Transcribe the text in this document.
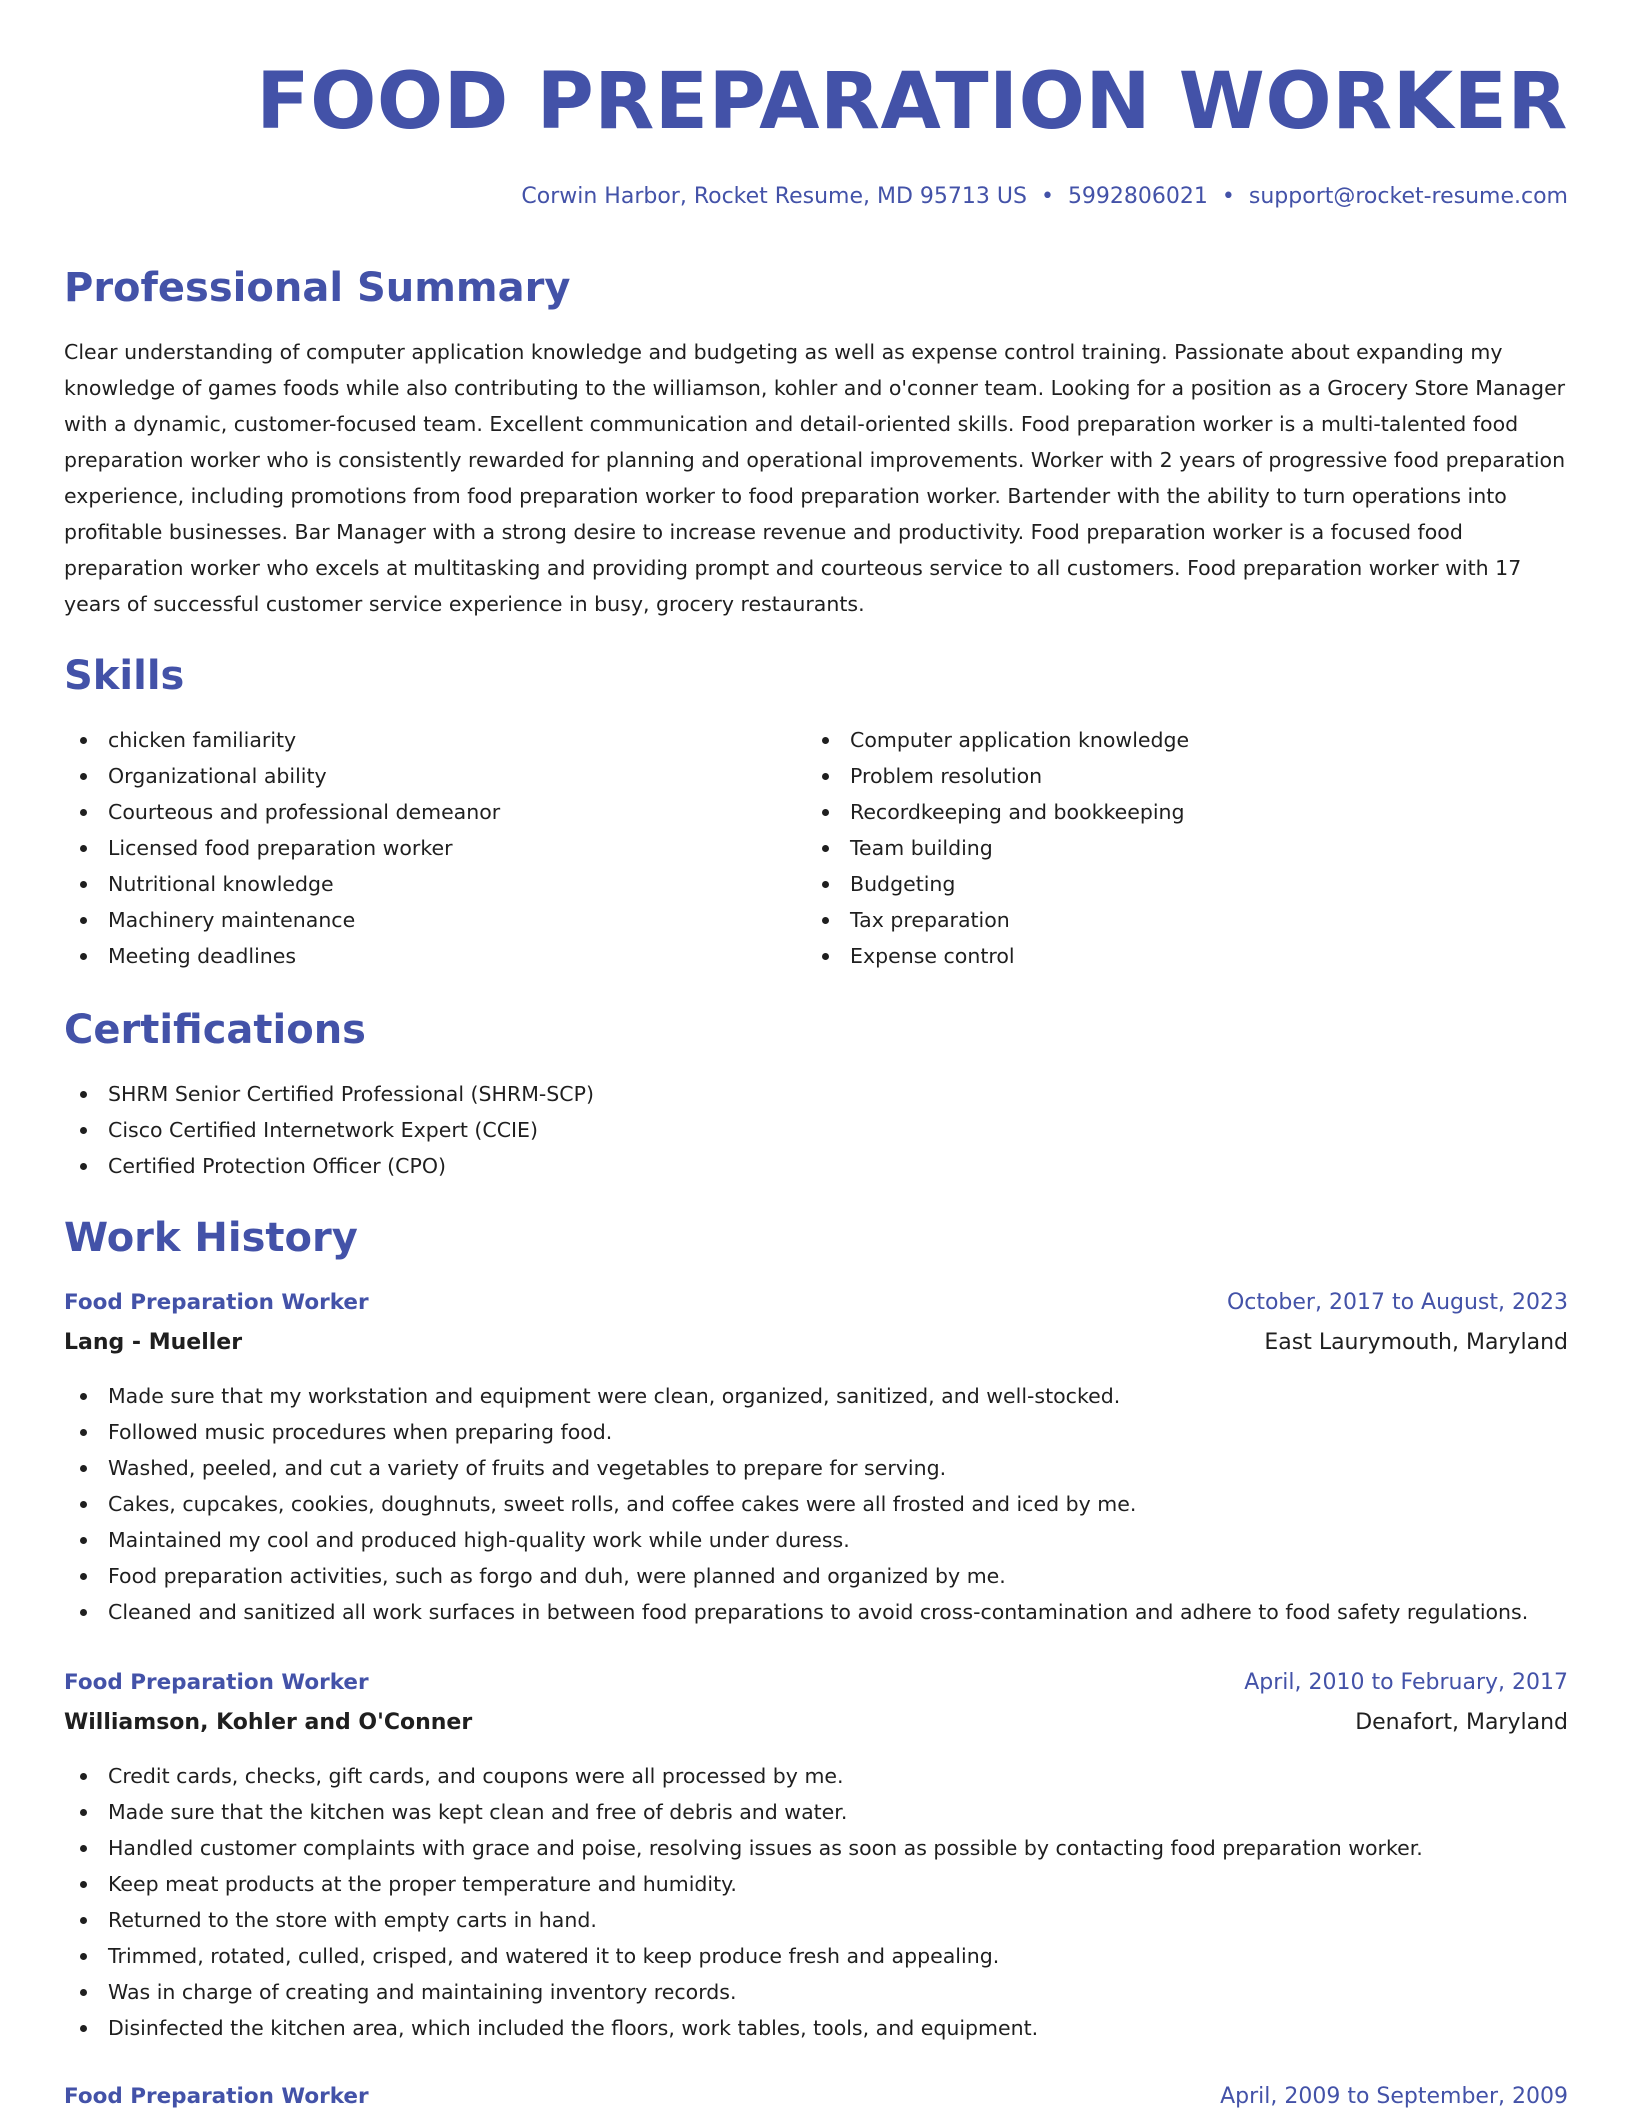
FOOD PREPARATION WORKER
Corwin Harbor, Rocket Resume, MD 95713 US • 5992806021 • support@rocket-resume.com
Professional Summary

Clear understanding of computer application knowledge and budgeting as well as expense control training. Passionate about expanding my knowledge of games foods while also contributing to the williamson, kohler and o'conner team. Looking for a position as a Grocery Store Manager with a dynamic, customer-focused team. Excellent communication and detail-oriented skills. Food preparation worker is a multi-talented food preparation worker who is consistently rewarded for planning and operational improvements. Worker with 2 years of progressive food preparation experience, including promotions from food preparation worker to food preparation worker. Bartender with the ability to turn operations into profitable businesses. Bar Manager with a strong desire to increase revenue and productivity. Food preparation worker is a focused food preparation worker who excels at multitasking and providing prompt and courteous service to all customers. Food preparation worker with 17 years of successful customer service experience in busy, grocery restaurants.

Skills
chicken familiarity
Organizational ability
Courteous and professional demeanor
Licensed food preparation worker
Nutritional knowledge
Machinery maintenance
Meeting deadlines
Computer application knowledge
Problem resolution
Recordkeeping and bookkeeping
Team building
Budgeting
Tax preparation
Expense control
Certifications
SHRM Senior Certified Professional (SHRM-SCP)
Cisco Certified Internetwork Expert (CCIE)
Certified Protection Officer (CPO)
Work History
Food Preparation Worker	October, 2017 to August, 2023
Lang - Mueller	East Laurymouth, Maryland
Made sure that my workstation and equipment were clean, organized, sanitized, and well-stocked.
Followed music procedures when preparing food.
Washed, peeled, and cut a variety of fruits and vegetables to prepare for serving.
Cakes, cupcakes, cookies, doughnuts, sweet rolls, and coffee cakes were all frosted and iced by me.
Maintained my cool and produced high-quality work while under duress.
Food preparation activities, such as forgo and duh, were planned and organized by me.
Cleaned and sanitized all work surfaces in between food preparations to avoid cross-contamination and adhere to food safety regulations.
Food Preparation Worker	April, 2010 to February, 2017
Williamson, Kohler and O'Conner	Denafort, Maryland
Credit cards, checks, gift cards, and coupons were all processed by me.
Made sure that the kitchen was kept clean and free of debris and water.
Handled customer complaints with grace and poise, resolving issues as soon as possible by contacting food preparation worker.
Keep meat products at the proper temperature and humidity.
Returned to the store with empty carts in hand.
Trimmed, rotated, culled, crisped, and watered it to keep produce fresh and appealing.
Was in charge of creating and maintaining inventory records.
Disinfected the kitchen area, which included the floors, work tables, tools, and equipment.
Food Preparation Worker	April, 2009 to September, 2009
